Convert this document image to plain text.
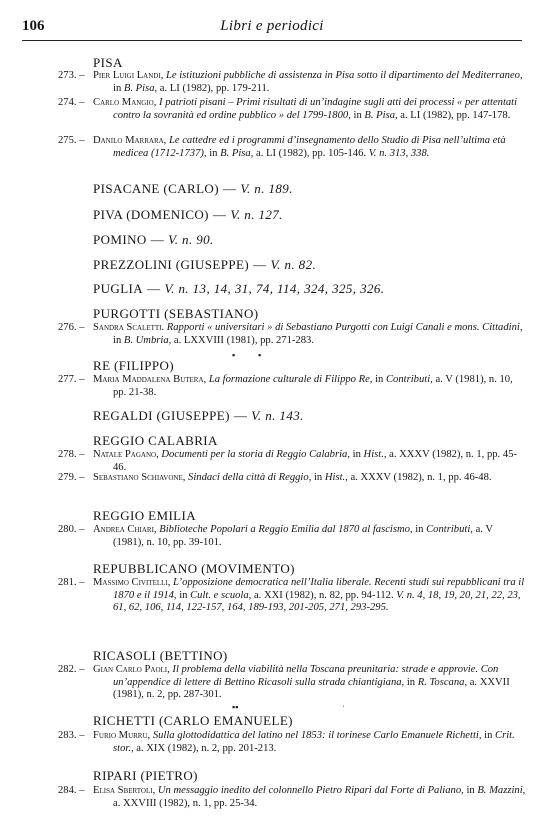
106	Libri e periodici
PISA
273. – Pier Luigi Landi, Le istituzioni pubbliche di assistenza in Pisa sotto il dipartimento del Mediterraneo, in B. Pisa, a. LI (1982), pp. 179-211.
274. – Carlo Mangio, I patrioti pisani – Primi risultati di un’indagine sugli atti dei processi « per attentati contro la sovranità ed ordine pubblico » del 1799-1800, in B. Pisa, a. LI (1982), pp. 147-178.
275. – Danilo Marrara, Le cattedre ed i programmi d’insegnamento dello Studio di Pisa nell’ultima età medicea (1712-1737), in B. Pisa, a. LI (1982), pp. 105-146. V. n. 313, 338.
PISACANE (CARLO) — V. n. 189.
PIVA (DOMENICO) — V. n. 127.
POMINO — V. n. 90.
PREZZOLINI (GIUSEPPE) — V. n. 82.
PUGLIA — V. n. 13, 14, 31, 74, 114, 324, 325, 326.
PURGOTTI (SEBASTIANO)
276. – Sandra Scaletti. Rapporti « universitari » di Sebastiano Purgotti con Luigi Canali e mons. Cittadini, in B. Umbria, a. LXXVIII (1981), pp. 271-283.
▪	▪
RE (FILIPPO)
277. – Maria Maddalena Butera, La formazione culturale di Filippo Re, in Contributi, a. V (1981), n. 10, pp. 21-38.
REGALDI (GIUSEPPE) — V. n. 143.
REGGIO CALABRIA
278. – Natale Pagano, Documenti per la storia di Reggio Calabria, in Hist., a. XXXV (1982), n. 1, pp. 45-46.
279. – Sebastiano Schiavone, Sindaci della città di Reggio, in Hist., a. XXXV (1982), n. 1, pp. 46-48.
REGGIO EMILIA
280. – Andrea Chiari, Biblioteche Popolari a Reggio Emilia dal 1870 al fascismo, in Contributi, a. V (1981), n. 10, pp. 39-101.
REPUBBLICANO (MOVIMENTO)
281. – Massimo Civitelli, L’opposizione democratica nell’Italia liberale. Recenti studi sui repubblicani tra il 1870 e il 1914, in Cult. e scuola, a. XXI (1982), n. 82, pp. 94-112. V. n. 4, 18, 19, 20, 21, 22, 23, 61, 62, 106, 114, 122-157, 164, 189-193, 201-205, 271, 293-295.
RICASOLI (BETTINO)
282. – Gian Carlo Paoli, Il problema della viabilità nella Toscana preunitaria: strade e approvie. Con un’appendice di lettere di Bettino Ricasoli sulla strada chiantigiana, in R. Toscana, a. XXVII (1981), n. 2, pp. 287-301.
▪▪	ˈ
RICHETTI (CARLO EMANUELE)
283. – Furio Murru, Sulla glottodidattica del latino nel 1853: il torinese Carlo Emanuele Richetti, in Crit. stor., a. XIX (1982), n. 2, pp. 201-213.
RIPARI (PIETRO)
284. – Elisa Sbertoli, Un messaggio inedito del colonnello Pietro Ripari dal Forte di Paliano, in B. Mazzini, a. XXVIII (1982), n. 1, pp. 25-34.
